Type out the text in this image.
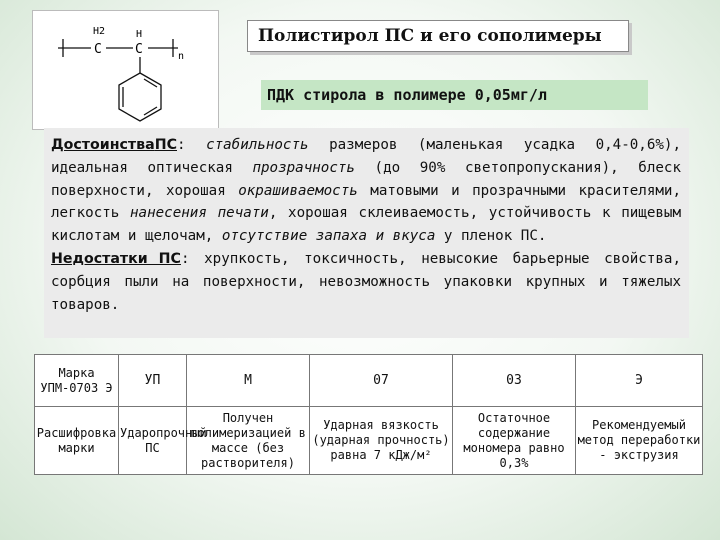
H2
C
H
C	n
Полистирол ПС и его сополимеры
ПДК стирола в полимере 0,05мг/л

ДостоинстваПС: стабильность размеров (маленькая усадка 0,4-0,6%), идеальная оптическая прозрачность (до 90% светопропускания), блеск поверхности, хорошая окрашиваемость матовыми и прозрачными красителями, легкость нанесения печати, хорошая склеиваемость, устойчивость к пищевым кислотам и щелочам, отсутствие запаха и вкуса у пленок ПС.
Недостатки ПС: хрупкость, токсичность, невысокие барьерные свойства, сорбция пыли на поверхности, невозможность упаковки крупных и тяжелых товаров.

Марка УПМ-0703 Э	УП	М	07	03	Э
Расшифровка марки	Ударопрочный ПС	Получен полимеризацией в массе (без растворителя)	Ударная вязкость (ударная прочность) равна 7 кДж/м²	Остаточное содержание мономера равно 0,3%	Рекомендуемый метод переработки - экструзия
